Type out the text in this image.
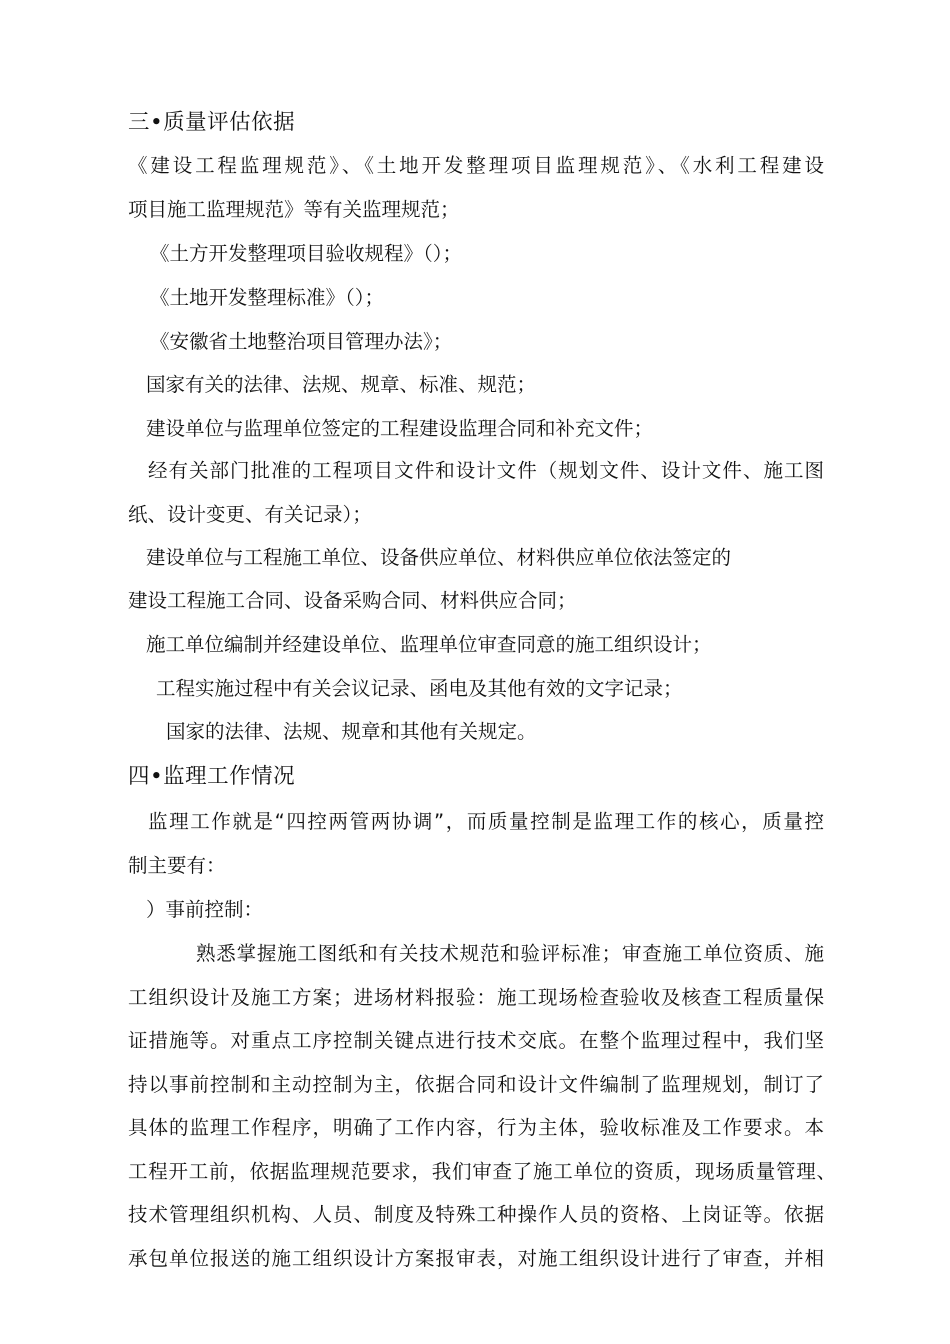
三•质量评估依据

《建设工程监理规范》、《土地开发整理项目监理规范》、《水利工程建设

项目施工监理规范》等有关监理规范；

《土方开发整理项目验收规程》（）；

《土地开发整理标准》（）；

《安徽省土地整治项目管理办法》；

国家有关的法律、法规、规章、标准、规范；

建设单位与监理单位签定的工程建设监理合同和补充文件；

经有关部门批准的工程项目文件和设计文件（规划文件、设计文件、施工图

纸、设计变更、有关记录）；

建设单位与工程施工单位、设备供应单位、材料供应单位依法签定的

建设工程施工合同、设备采购合同、材料供应合同；

施工单位编制并经建设单位、监理单位审查同意的施工组织设计；

工程实施过程中有关会议记录、函电及其他有效的文字记录；

国家的法律、法规、规章和其他有关规定。

四•监理工作情况

监理工作就是“四控两管两协调”，而质量控制是监理工作的核心，质量控

制主要有：

）事前控制：

熟悉掌握施工图纸和有关技术规范和验评标准；审查施工单位资质、施

工组织设计及施工方案；进场材料报验：施工现场检查验收及核查工程质量保

证措施等。对重点工序控制关键点进行技术交底。在整个监理过程中，我们坚

持以事前控制和主动控制为主，依据合同和设计文件编制了监理规划，制订了

具体的监理工作程序，明确了工作内容，行为主体，验收标准及工作要求。本

工程开工前，依据监理规范要求，我们审查了施工单位的资质，现场质量管理、

技术管理组织机构、人员、制度及特殊工种操作人员的资格、上岗证等。依据

承包单位报送的施工组织设计方案报审表，对施工组织设计进行了审查，并相
